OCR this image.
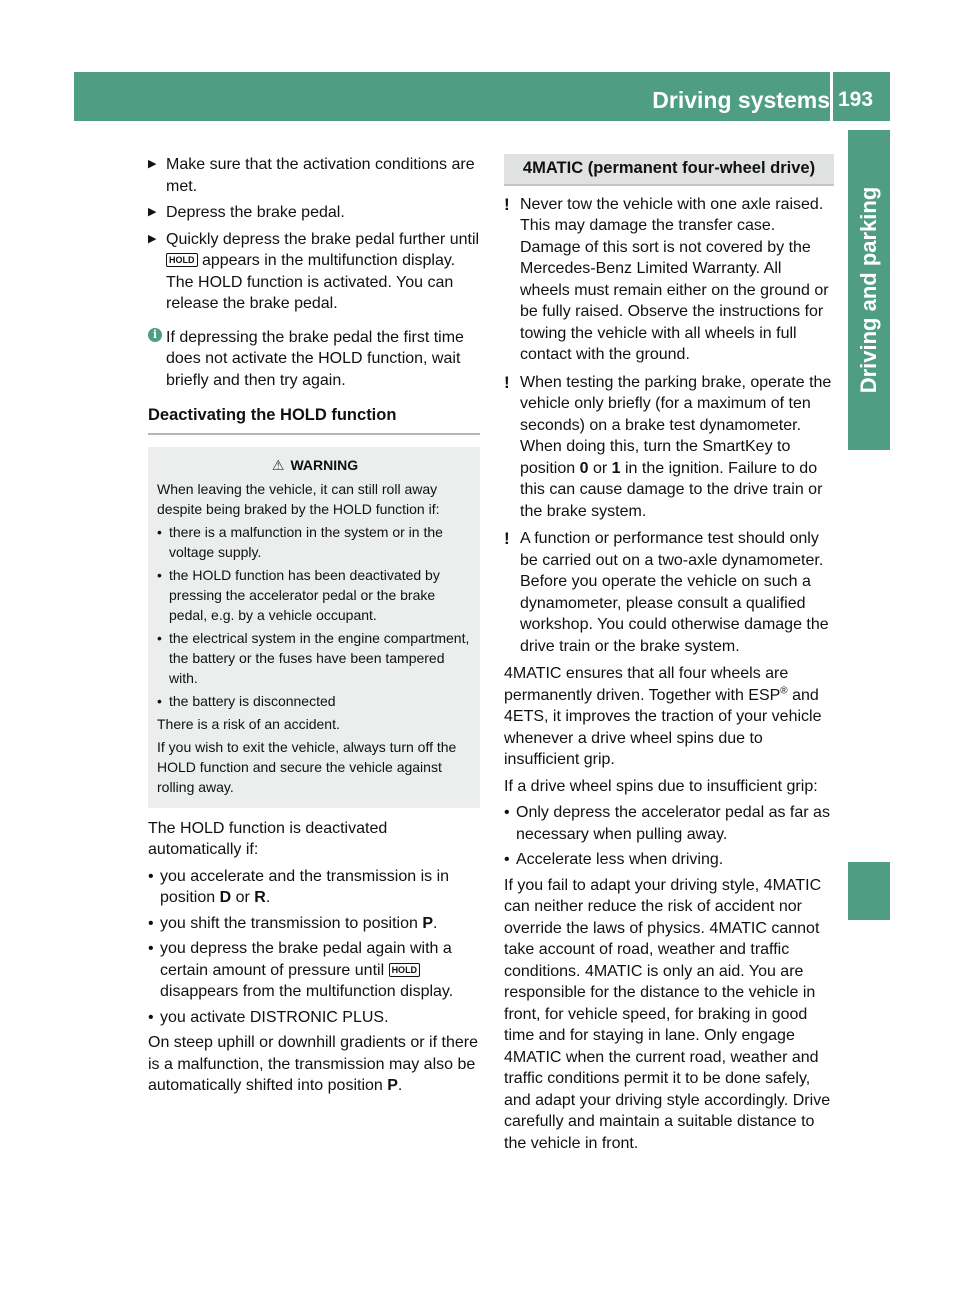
Driving systems 193
Driving and parking
▶ Make sure that the activation conditions are met.
▶ Depress the brake pedal.
▶ Quickly depress the brake pedal further until HOLD appears in the multifunction display.
The HOLD function is activated. You can release the brake pedal.
i If depressing the brake pedal the first time does not activate the HOLD function, wait briefly and then try again.
Deactivating the HOLD function
⚠ WARNING

When leaving the vehicle, it can still roll away despite being braked by the HOLD function if:

• there is a malfunction in the system or in the voltage supply.
• the HOLD function has been deactivated by pressing the accelerator pedal or the brake pedal, e.g. by a vehicle occupant.
• the electrical system in the engine compartment, the battery or the fuses have been tampered with.
• the battery is disconnected

There is a risk of an accident.

If you wish to exit the vehicle, always turn off the HOLD function and secure the vehicle against rolling away.

The HOLD function is deactivated automatically if:

• you accelerate and the transmission is in position D or R.
• you shift the transmission to position P.
• you depress the brake pedal again with a certain amount of pressure until HOLD disappears from the multifunction display.
• you activate DISTRONIC PLUS.

On steep uphill or downhill gradients or if there is a malfunction, the transmission may also be automatically shifted into position P.

4MATIC (permanent four-wheel drive)
! Never tow the vehicle with one axle raised. This may damage the transfer case. Damage of this sort is not covered by the Mercedes-Benz Limited Warranty. All wheels must remain either on the ground or be fully raised. Observe the instructions for towing the vehicle with all wheels in full contact with the ground.
! When testing the parking brake, operate the vehicle only briefly (for a maximum of ten seconds) on a brake test dynamometer. When doing this, turn the SmartKey to position 0 or 1 in the ignition. Failure to do this can cause damage to the drive train or the brake system.
! A function or performance test should only be carried out on a two-axle dynamometer. Before you operate the vehicle on such a dynamometer, please consult a qualified workshop. You could otherwise damage the drive train or the brake system.

4MATIC ensures that all four wheels are permanently driven. Together with ESP® and 4ETS, it improves the traction of your vehicle whenever a drive wheel spins due to insufficient grip.

If a drive wheel spins due to insufficient grip:

• Only depress the accelerator pedal as far as necessary when pulling away.
• Accelerate less when driving.

If you fail to adapt your driving style, 4MATIC can neither reduce the risk of accident nor override the laws of physics. 4MATIC cannot take account of road, weather and traffic conditions. 4MATIC is only an aid. You are responsible for the distance to the vehicle in front, for vehicle speed, for braking in good time and for staying in lane. Only engage 4MATIC when the current road, weather and traffic conditions permit it to be done safely, and adapt your driving style accordingly. Drive carefully and maintain a suitable distance to the vehicle in front.
